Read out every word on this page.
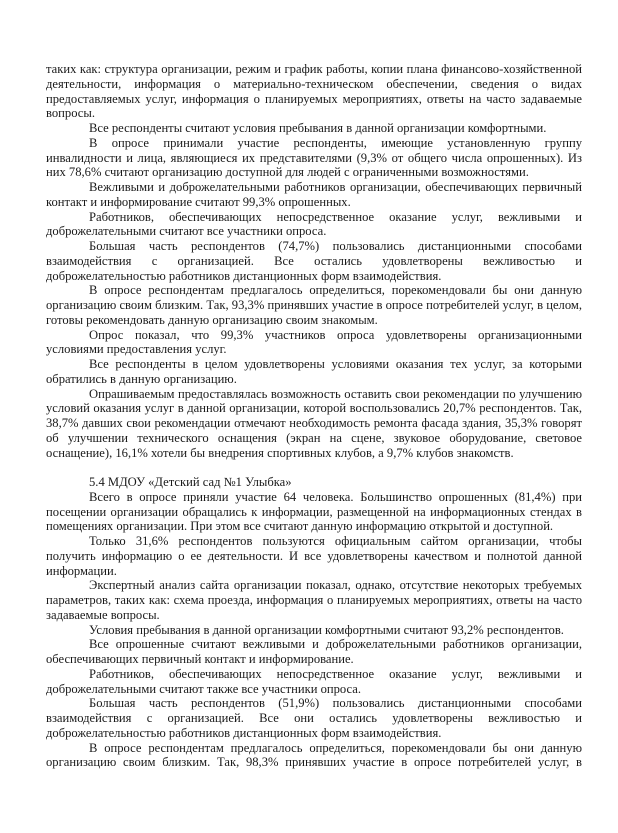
таких как: структура организации, режим и график работы, копии плана финансово-хозяйственной деятельности, информация о материально-техническом обеспечении, сведения о видах предоставляемых услуг, информация о планируемых мероприятиях, ответы на часто задаваемые вопросы.

Все респонденты считают условия пребывания в данной организации комфортными.

В опросе принимали участие респонденты, имеющие установленную группу инвалидности и лица, являющиеся их представителями (9,3% от общего числа опрошенных). Из них 78,6% считают организацию доступной для людей с ограниченными возможностями.

Вежливыми и доброжелательными работников организации, обеспечивающих первичный контакт и информирование считают 99,3% опрошенных.

Работников, обеспечивающих непосредственное оказание услуг, вежливыми и доброжелательными считают все участники опроса.

Большая часть респондентов (74,7%) пользовались дистанционными способами взаимодействия с организацией. Все остались удовлетворены вежливостью и доброжелательностью работников дистанционных форм взаимодействия.

В опросе респондентам предлагалось определиться, порекомендовали бы они данную организацию своим близким. Так, 93,3% принявших участие в опросе потребителей услуг, в целом, готовы рекомендовать данную организацию своим знакомым.

Опрос показал, что 99,3% участников опроса удовлетворены организационными условиями предоставления услуг.

Все респонденты в целом удовлетворены условиями оказания тех услуг, за которыми обратились в данную организацию.

Опрашиваемым предоставлялась возможность оставить свои рекомендации по улучшению условий оказания услуг в данной организации, которой воспользовались 20,7% респондентов. Так, 38,7% давших свои рекомендации отмечают необходимость ремонта фасада здания, 35,3% говорят об улучшении технического оснащения (экран на сцене, звуковое оборудование, световое оснащение), 16,1% хотели бы внедрения спортивных клубов, а 9,7% клубов знакомств.

5.4 МДОУ «Детский сад №1 Улыбка»

Всего в опросе приняли участие 64 человека. Большинство опрошенных (81,4%) при посещении организации обращались к информации, размещенной на информационных стендах в помещениях организации. При этом все считают данную информацию открытой и доступной.

Только 31,6% респондентов пользуются официальным сайтом организации, чтобы получить информацию о ее деятельности. И все удовлетворены качеством и полнотой данной информации.

Экспертный анализ сайта организации показал, однако, отсутствие некоторых требуемых параметров, таких как: схема проезда, информация о планируемых мероприятиях, ответы на часто задаваемые вопросы.

Условия пребывания в данной организации комфортными считают 93,2% респондентов.

Все опрошенные считают вежливыми и доброжелательными работников организации, обеспечивающих первичный контакт и информирование.

Работников, обеспечивающих непосредственное оказание услуг, вежливыми и доброжелательными считают также все участники опроса.

Большая часть респондентов (51,9%) пользовались дистанционными способами взаимодействия с организацией. Все они остались удовлетворены вежливостью и доброжелательностью работников дистанционных форм взаимодействия.

В опросе респондентам предлагалось определиться, порекомендовали бы они данную организацию своим близким. Так, 98,3% принявших участие в опросе потребителей услуг, в
